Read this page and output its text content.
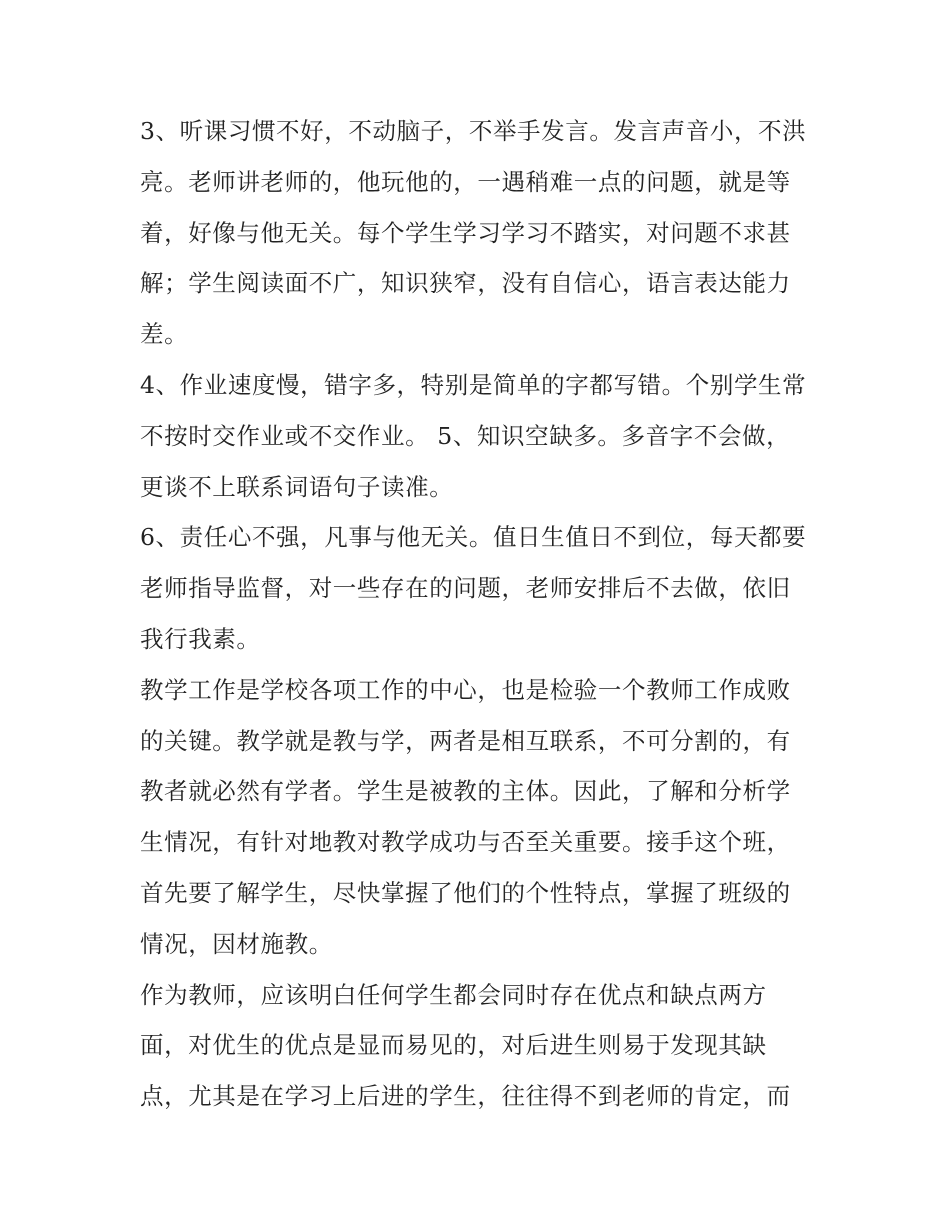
3、听课习惯不好，不动脑子，不举手发言。发言声音小，不洪亮。老师讲老师的，他玩他的，一遇稍难一点的问题，就是等着，好像与他无关。每个学生学习学习不踏实，对问题不求甚解；学生阅读面不广，知识狭窄，没有自信心，语言表达能力差。

4、作业速度慢，错字多，特别是简单的字都写错。个别学生常不按时交作业或不交作业。 5、知识空缺多。多音字不会做，更谈不上联系词语句子读准。

6、责任心不强，凡事与他无关。值日生值日不到位，每天都要老师指导监督，对一些存在的问题，老师安排后不去做，依旧我行我素。

教学工作是学校各项工作的中心，也是检验一个教师工作成败的关键。教学就是教与学，两者是相互联系，不可分割的，有教者就必然有学者。学生是被教的主体。因此，了解和分析学生情况，有针对地教对教学成功与否至关重要。接手这个班，首先要了解学生，尽快掌握了他们的个性特点，掌握了班级的情况，因材施教。

作为教师，应该明白任何学生都会同时存在优点和缺点两方面，对优生的优点是显而易见的，对后进生则易于发现其缺点，尤其是在学习上后进的学生，往往得不到老师的肯定，而
